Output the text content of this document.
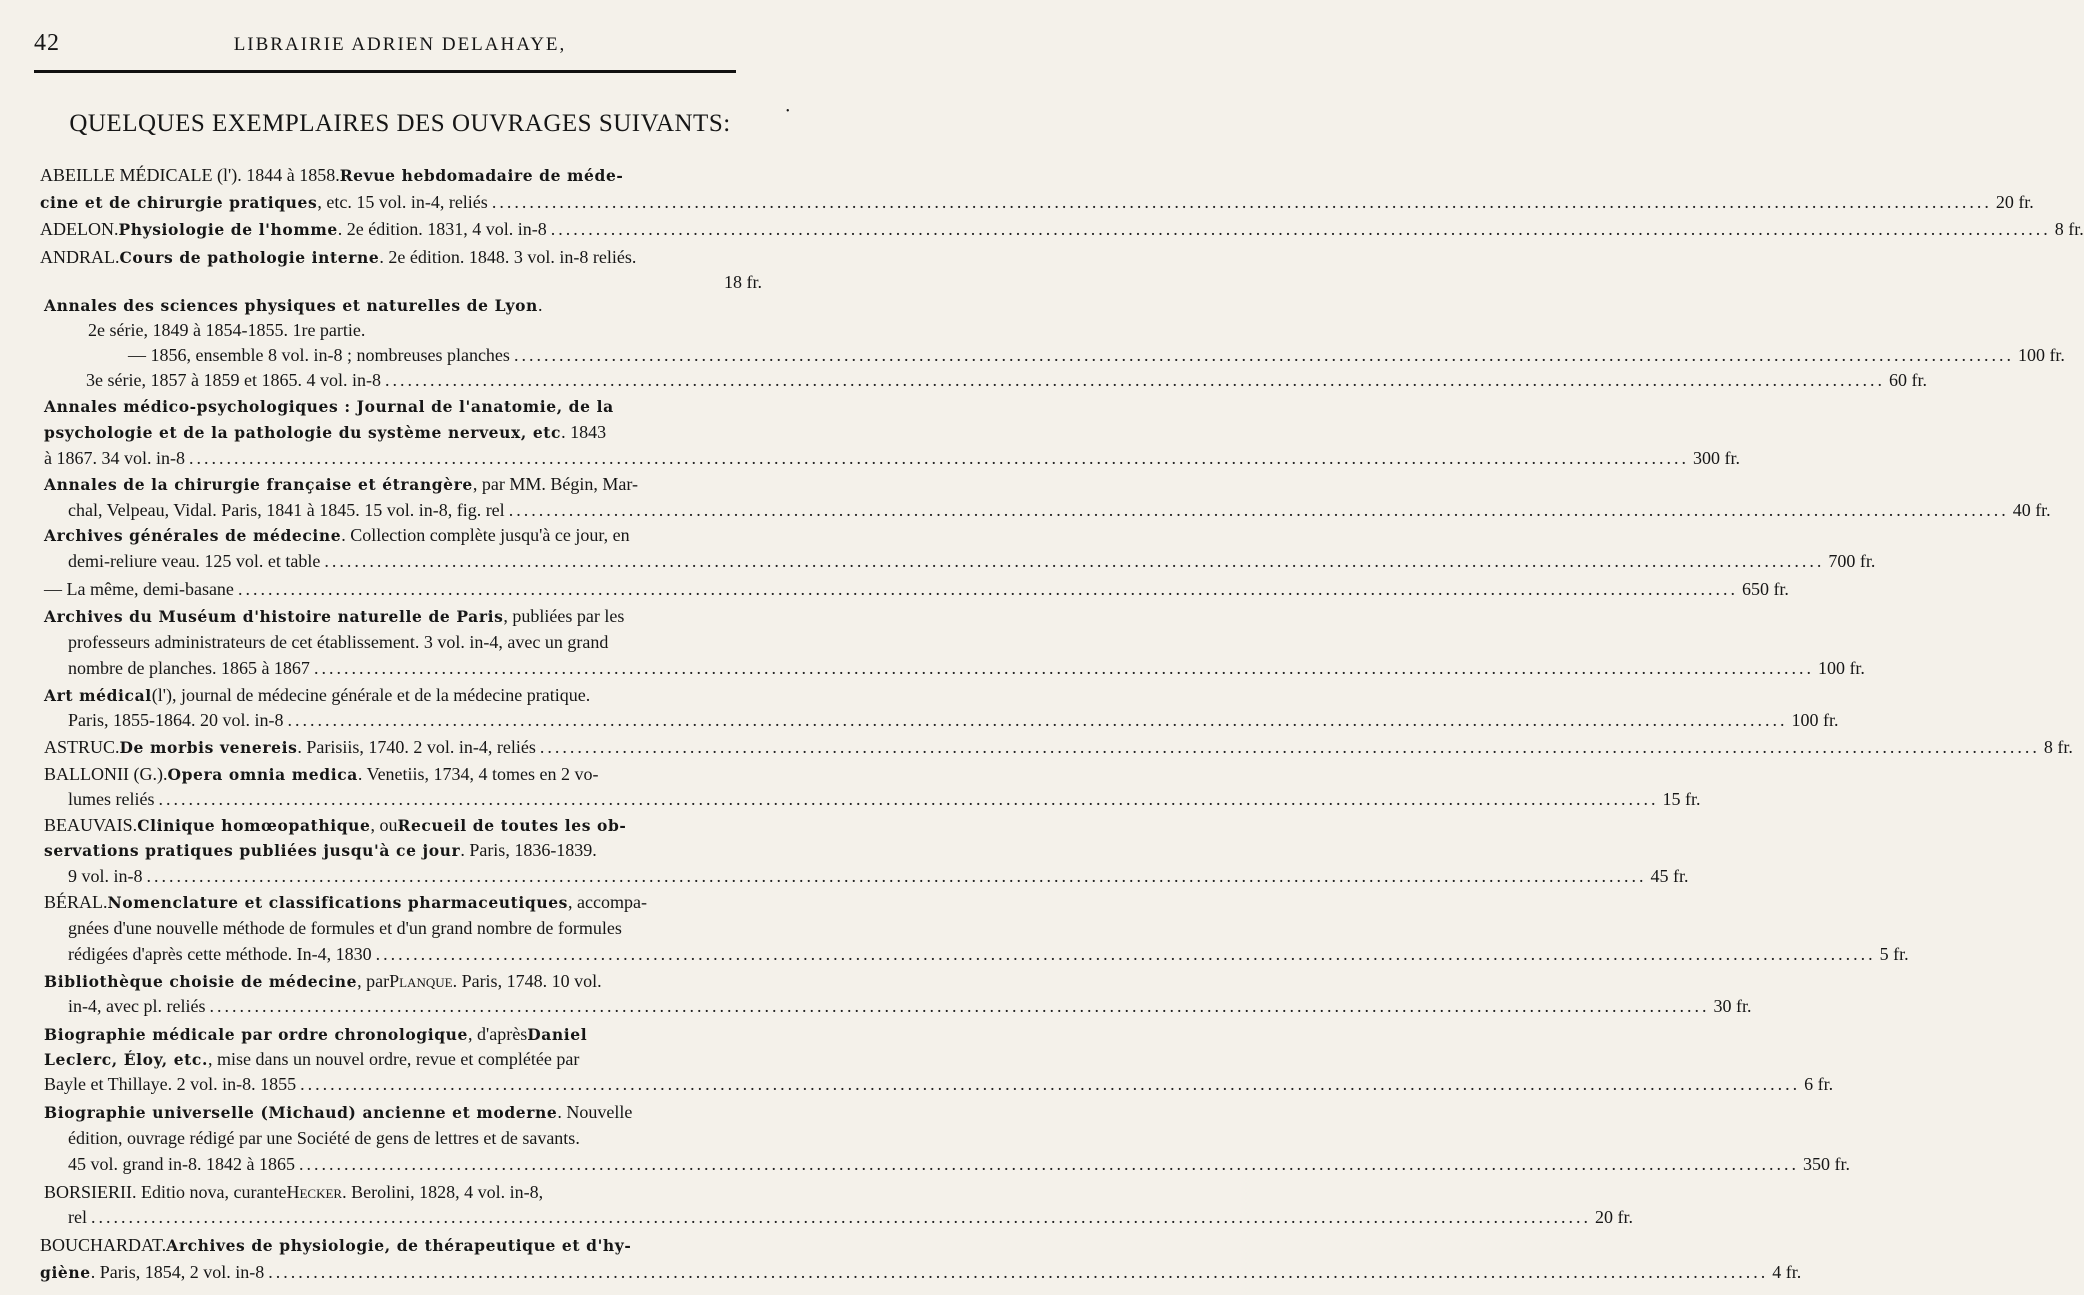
42	LIBRAIRIE ADRIEN DELAHAYE,
QUELQUES EXEMPLAIRES DES OUVRAGES SUIVANTS:	•
ABEILLE MÉDICALE (l') . 1844 à 1858. Revue hebdomadaire de méde-
cine et de chirurgie pratiques , etc. 15 vol. in-4, reliés ........................................................................................................................................................................................................ 20 fr.
ADELON. Physiologie de l'homme . 2e édition. 1831, 4 vol. in-8 ........................................................................................................................................................................................................ 8 fr.
ANDRAL. Cours de pathologie interne . 2e édition. 1848. 3 vol. in-8 reliés.
18 fr.
Annales des sciences physiques et naturelles de Lyon .
2e série, 1849 à 1854-1855. 1re partie.
— 1856, ensemble 8 vol. in-8 ; nombreuses planches ........................................................................................................................................................................................................ 100 fr.
3e série, 1857 à 1859 et 1865. 4 vol. in-8 ........................................................................................................................................................................................................ 60 fr.
Annales médico-psychologiques : Journal de l'anatomie, de la
psychologie et de la pathologie du système nerveux, etc . 1843
à 1867. 34 vol. in-8 ........................................................................................................................................................................................................ 300 fr.
Annales de la chirurgie française et étrangère , par MM. Bégin, Mar-
chal, Velpeau, Vidal. Paris, 1841 à 1845. 15 vol. in-8, fig. rel ........................................................................................................................................................................................................ 40 fr.
Archives générales de médecine . Collection complète jusqu'à ce jour, en
demi-reliure veau. 125 vol. et table ........................................................................................................................................................................................................ 700 fr.
— La même, demi-basane ........................................................................................................................................................................................................ 650 fr.
Archives du Muséum d'histoire naturelle de Paris , publiées par les
professeurs administrateurs de cet établissement. 3 vol. in-4, avec un grand
nombre de planches. 1865 à 1867 ........................................................................................................................................................................................................ 100 fr.
Art médical (l'), journal de médecine générale et de la médecine pratique.
Paris, 1855-1864. 20 vol. in-8 ........................................................................................................................................................................................................ 100 fr.
ASTRUC. De morbis venereis . Parisiis, 1740. 2 vol. in-4, reliés ........................................................................................................................................................................................................ 8 fr.
BALLONII (G.). Opera omnia medica . Venetiis, 1734, 4 tomes en 2 vo-
lumes reliés ........................................................................................................................................................................................................ 15 fr.
BEAUVAIS. Clinique homœopathique , ou Recueil de toutes les ob-
servations pratiques publiées jusqu'à ce jour . Paris, 1836-1839.
9 vol. in-8 ........................................................................................................................................................................................................ 45 fr.
BÉRAL. Nomenclature et classifications pharmaceutiques , accompa-
gnées d'une nouvelle méthode de formules et d'un grand nombre de formules
rédigées d'après cette méthode. In-4, 1830 ........................................................................................................................................................................................................ 5 fr.
Bibliothèque choisie de médecine , par Planque . Paris, 1748. 10 vol.
in-4, avec pl. reliés ........................................................................................................................................................................................................ 30 fr.
Biographie médicale par ordre chronologique , d'après Daniel
Leclerc, Éloy, etc. , mise dans un nouvel ordre, revue et complétée par
Bayle et Thillaye. 2 vol. in-8. 1855 ........................................................................................................................................................................................................ 6 fr.
Biographie universelle (Michaud) ancienne et moderne . Nouvelle
édition, ouvrage rédigé par une Société de gens de lettres et de savants.
45 vol. grand in-8. 1842 à 1865 ........................................................................................................................................................................................................ 350 fr.
BORSIERII. Editio nova, curante Hecker . Berolini, 1828, 4 vol. in-8,
rel ........................................................................................................................................................................................................ 20 fr.
BOUCHARDAT. Archives de physiologie, de thérapeutique et d'hy-
giène . Paris, 1854, 2 vol. in-8 ........................................................................................................................................................................................................ 4 fr.
